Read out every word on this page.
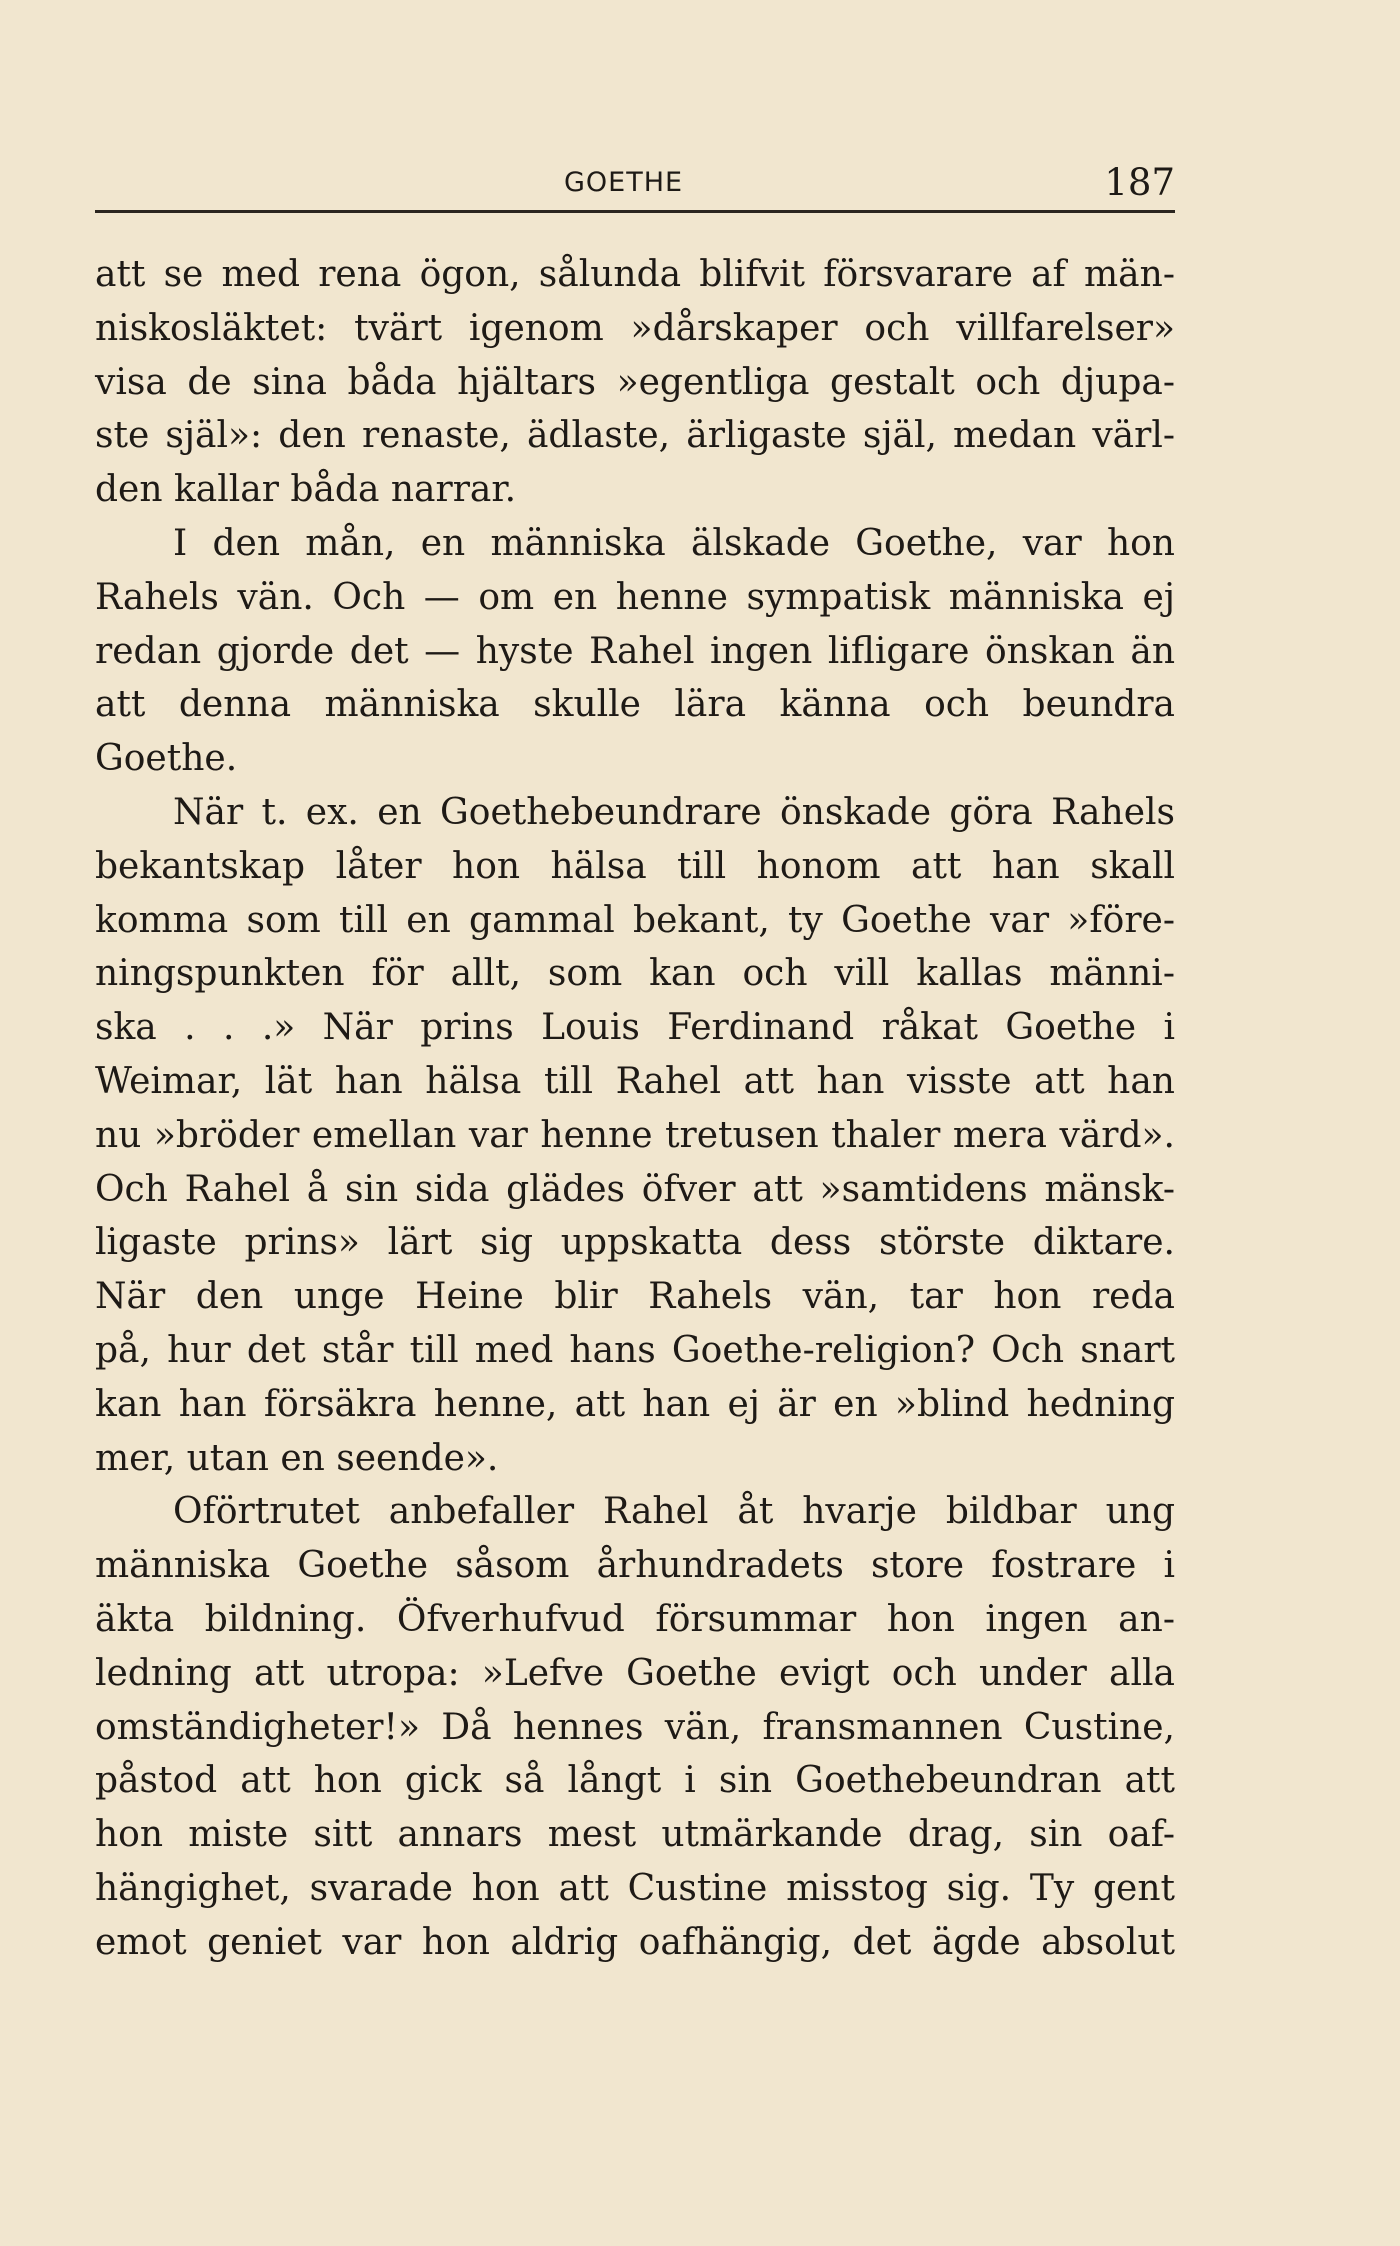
GOETHE	187
att se med rena ögon, sålunda blifvit försvarare af män-
niskosläktet: tvärt igenom »dårskaper och villfarelser»
visa de sina båda hjältars »egentliga gestalt och djupa-
ste själ»: den renaste, ädlaste, ärligaste själ, medan värl-
den kallar båda narrar.
I den mån, en människa älskade Goethe, var hon
Rahels vän. Och — om en henne sympatisk människa ej
redan gjorde det — hyste Rahel ingen lifligare önskan än
att denna människa skulle lära känna och beundra
Goethe.
När t. ex. en Goethebeundrare önskade göra Rahels
bekantskap låter hon hälsa till honom att han skall
komma som till en gammal bekant, ty Goethe var »före-
ningspunkten för allt, som kan och vill kallas männi-
ska . . .» När prins Louis Ferdinand råkat Goethe i
Weimar, lät han hälsa till Rahel att han visste att han
nu »bröder emellan var henne tretusen thaler mera värd».
Och Rahel å sin sida glädes öfver att »samtidens mänsk-
ligaste prins» lärt sig uppskatta dess störste diktare.
När den unge Heine blir Rahels vän, tar hon reda
på, hur det står till med hans Goethe-religion? Och snart
kan han försäkra henne, att han ej är en »blind hedning
mer, utan en seende».
Oförtrutet anbefaller Rahel åt hvarje bildbar ung
människa Goethe såsom århundradets store fostrare i
äkta bildning. Öfverhufvud försummar hon ingen an-
ledning att utropa: »Lefve Goethe evigt och under alla
omständigheter!» Då hennes vän, fransmannen Custine,
påstod att hon gick så långt i sin Goethebeundran att
hon miste sitt annars mest utmärkande drag, sin oaf-
hängighet, svarade hon att Custine misstog sig. Ty gent
emot geniet var hon aldrig oafhängig, det ägde absolut
